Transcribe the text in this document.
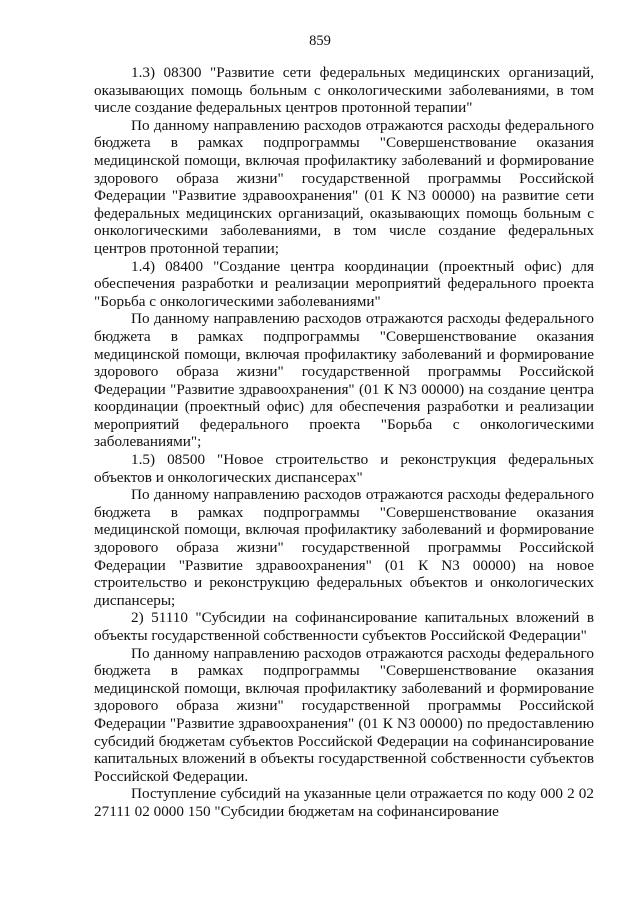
859

1.3) 08300 "Развитие сети федеральных медицинских организаций, оказывающих помощь больным с онкологическими заболеваниями, в том числе создание федеральных центров протонной терапии"

По данному направлению расходов отражаются расходы федерального бюджета в рамках подпрограммы "Совершенствование оказания медицинской помощи, включая профилактику заболеваний и формирование здорового образа жизни" государственной программы Российской Федерации "Развитие здравоохранения" (01 К N3 00000) на развитие сети федеральных медицинских организаций, оказывающих помощь больным с онкологическими заболеваниями, в том числе создание федеральных центров протонной терапии;

1.4) 08400 "Создание центра координации (проектный офис) для обеспечения разработки и реализации мероприятий федерального проекта "Борьба с онкологическими заболеваниями"

По данному направлению расходов отражаются расходы федерального бюджета в рамках подпрограммы "Совершенствование оказания медицинской помощи, включая профилактику заболеваний и формирование здорового образа жизни" государственной программы Российской Федерации "Развитие здравоохранения" (01 К N3 00000) на создание центра координации (проектный офис) для обеспечения разработки и реализации мероприятий федерального проекта "Борьба с онкологическими заболеваниями";

1.5) 08500 "Новое строительство и реконструкция федеральных объектов и онкологических диспансерах"

По данному направлению расходов отражаются расходы федерального бюджета в рамках подпрограммы "Совершенствование оказания медицинской помощи, включая профилактику заболеваний и формирование здорового образа жизни" государственной программы Российской Федерации "Развитие здравоохранения" (01 К N3 00000) на новое строительство и реконструкцию федеральных объектов и онкологических диспансеры;

2) 51110 "Субсидии на софинансирование капитальных вложений в объекты государственной собственности субъектов Российской Федерации"

По данному направлению расходов отражаются расходы федерального бюджета в рамках подпрограммы "Совершенствование оказания медицинской помощи, включая профилактику заболеваний и формирование здорового образа жизни" государственной программы Российской Федерации "Развитие здравоохранения" (01 К N3 00000) по предоставлению субсидий бюджетам субъектов Российской Федерации на софинансирование капитальных вложений в объекты государственной собственности субъектов Российской Федерации.

Поступление субсидий на указанные цели отражается по коду 000 2 02 27111 02 0000 150 "Субсидии бюджетам на софинансирование
